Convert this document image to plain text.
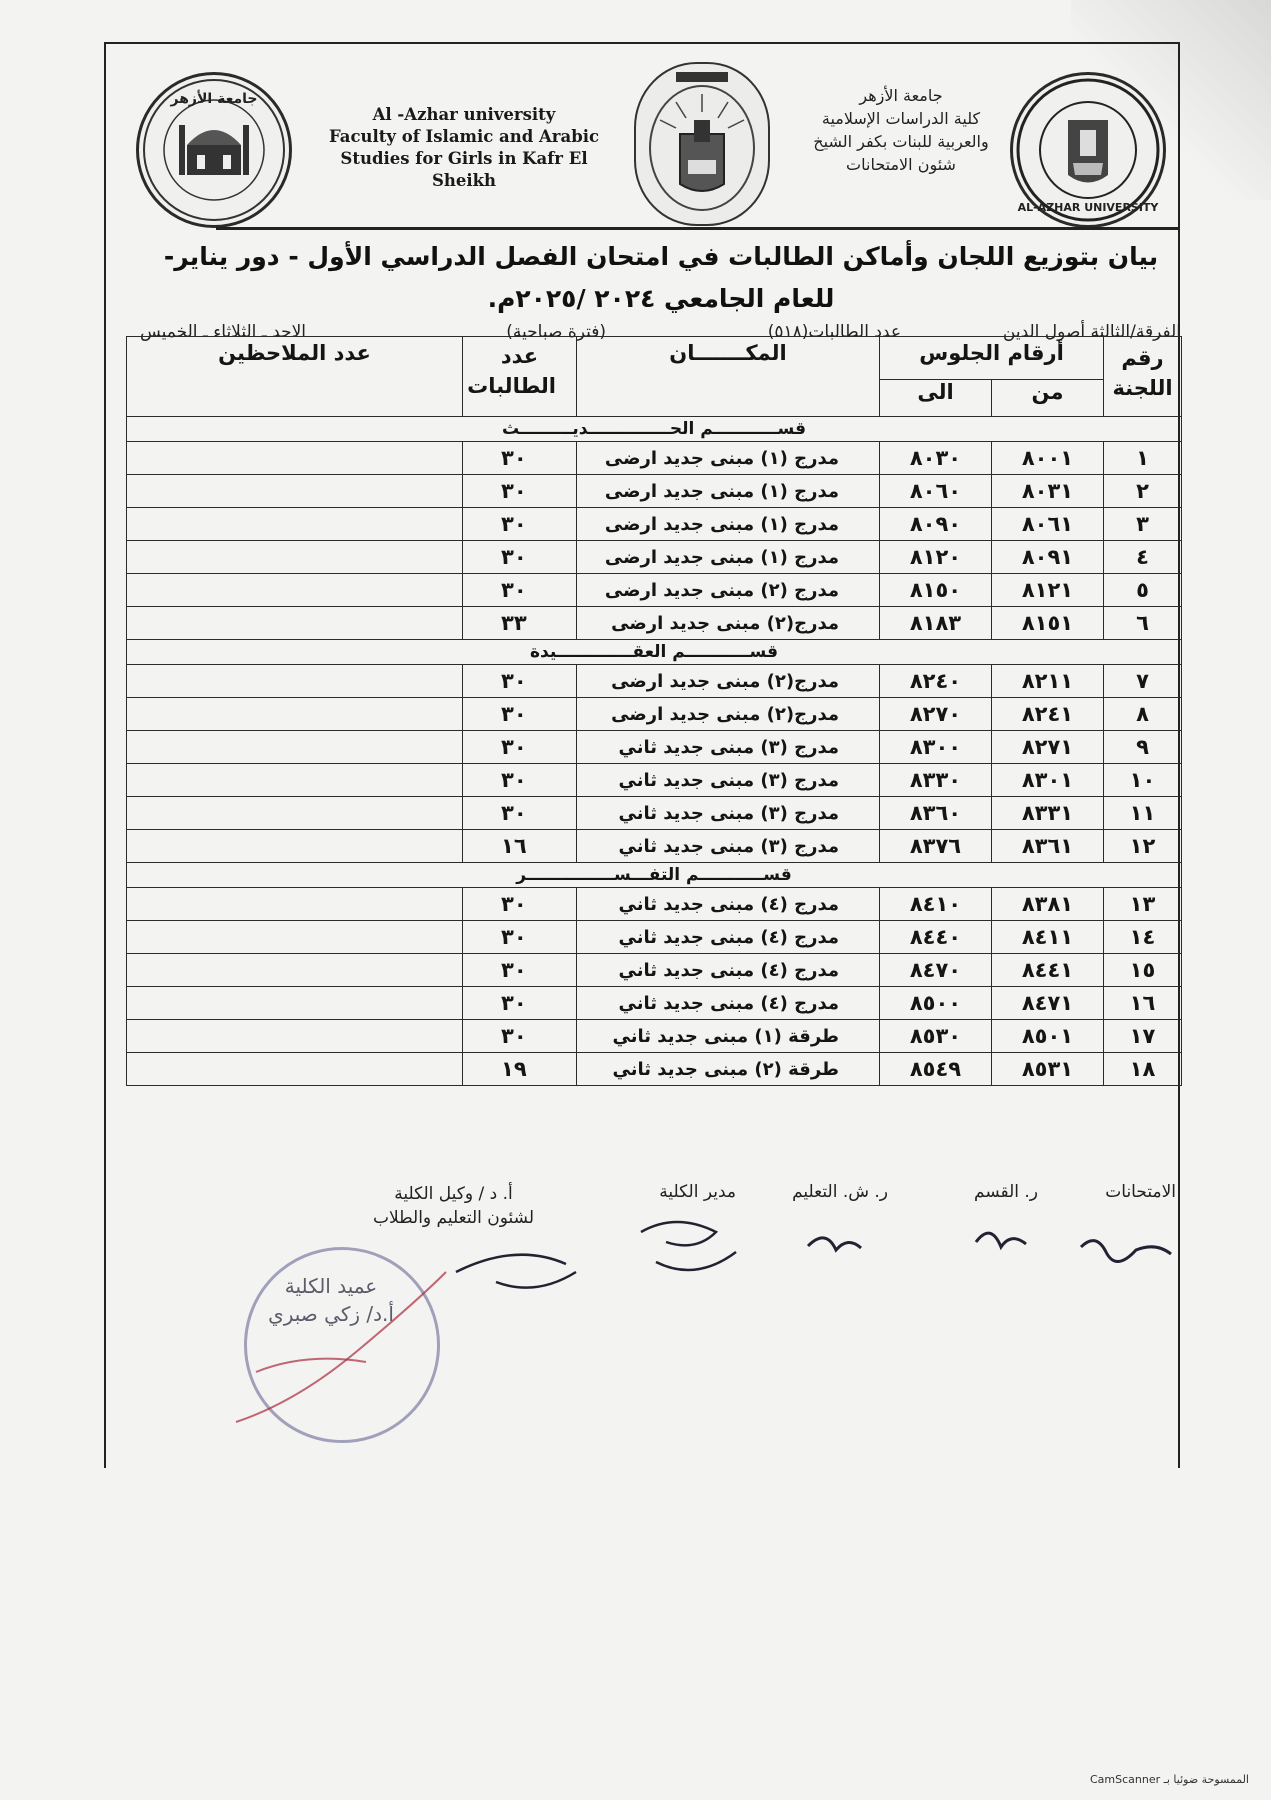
جامعة الأزهر
Al -Azhar university
Faculty of Islamic and Arabic
Studies for Girls in Kafr El Sheikh
جامعة الأزهر
كلية الدراسات الإسلامية
والعربية للبنات بكفر الشيخ
شئون الامتحانات
AL-AZHAR UNIVERSITY
بيان بتوزيع اللجان وأماكن الطالبات في امتحان الفصل الدراسي الأول - دور يناير-
للعام الجامعي ٢٠٢٤ /٢٠٢٥م.
الفرقة/الثالثة أصول الدين
عدد الطالبات(٥١٨)
(فترة صباحية)
الاحد ـ الثلاثاء ـ الخميس
رقم اللجنة	أرقام الجلوس		المكـــــــان	عدد الطالبات	عدد الملاحظين
	من	الى			
قســـــــــــم الحــــــــــــــديـــــــــث					
١	٨٠٠١	٨٠٣٠	مدرج (١) مبنى جديد ارضى	٣٠	
٢	٨٠٣١	٨٠٦٠	مدرج (١) مبنى جديد ارضى	٣٠	
٣	٨٠٦١	٨٠٩٠	مدرج (١) مبنى جديد ارضى	٣٠	
٤	٨٠٩١	٨١٢٠	مدرج (١) مبنى جديد ارضى	٣٠	
٥	٨١٢١	٨١٥٠	مدرج (٢) مبنى جديد ارضى	٣٠	
٦	٨١٥١	٨١٨٣	مدرج(٢) مبنى جديد ارضى	٣٣	
قســـــــــــم العقـــــــــــــيدة					
٧	٨٢١١	٨٢٤٠	مدرج(٢) مبنى جديد ارضى	٣٠	
٨	٨٢٤١	٨٢٧٠	مدرج(٢) مبنى جديد ارضى	٣٠	
٩	٨٢٧١	٨٣٠٠	مدرج (٣) مبنى جديد ثاني	٣٠	
١٠	٨٣٠١	٨٣٣٠	مدرج (٣) مبنى جديد ثاني	٣٠	
١١	٨٣٣١	٨٣٦٠	مدرج (٣) مبنى جديد ثاني	٣٠	
١٢	٨٣٦١	٨٣٧٦	مدرج (٣) مبنى جديد ثاني	١٦	
قســـــــــــم التفـــســـــــــــــــر					
١٣	٨٣٨١	٨٤١٠	مدرج (٤) مبنى جديد ثاني	٣٠	
١٤	٨٤١١	٨٤٤٠	مدرج (٤) مبنى جديد ثاني	٣٠	
١٥	٨٤٤١	٨٤٧٠	مدرج (٤) مبنى جديد ثاني	٣٠	
١٦	٨٤٧١	٨٥٠٠	مدرج (٤) مبنى جديد ثاني	٣٠	
١٧	٨٥٠١	٨٥٣٠	طرقة (١) مبنى جديد ثاني	٣٠	
١٨	٨٥٣١	٨٥٤٩	طرقة (٢) مبنى جديد ثاني	١٩	
الامتحانات
ر. القسم
ر. ش. التعليم
مدير الكلية
أ. د / وكيل الكلية
لشئون التعليم والطلاب
عميد الكلية
أ.د/ زكي صبري
الممسوحة ضوئيا بـ CamScanner
